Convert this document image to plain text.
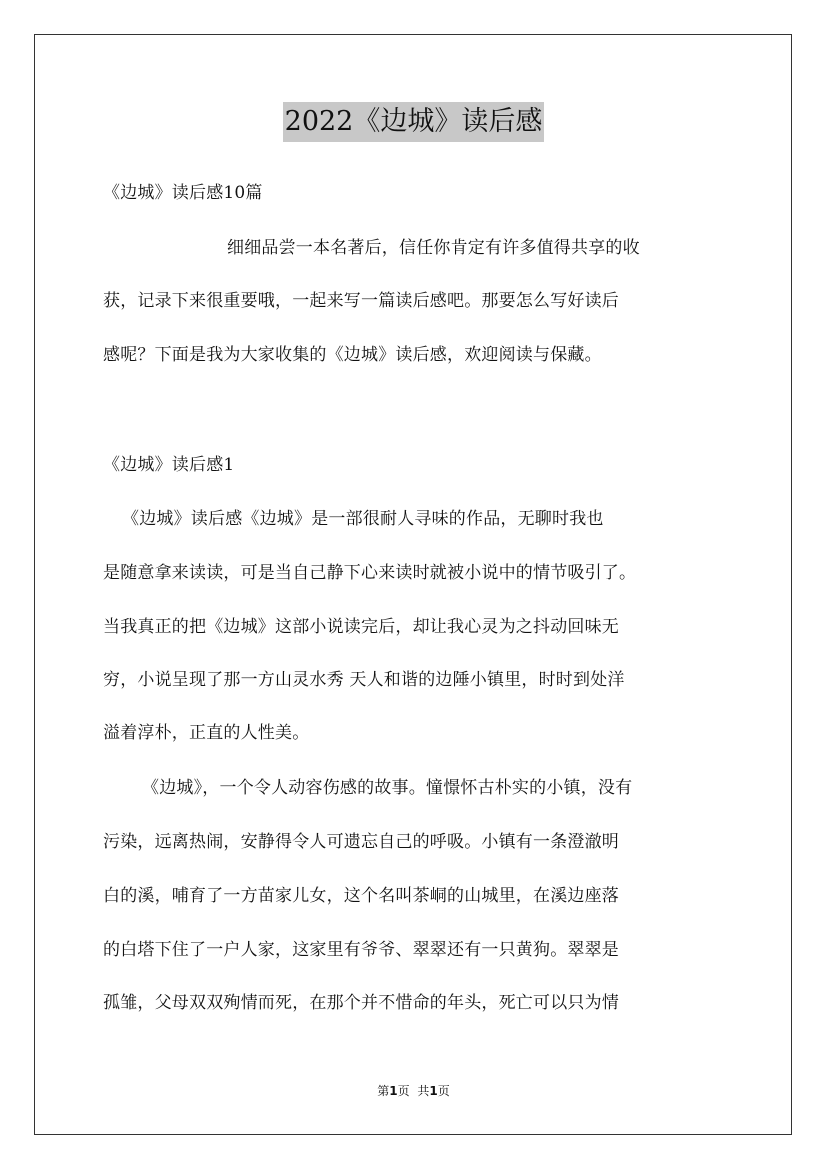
2022《边城》读后感
《边城》读后感10篇
细细品尝一本名著后，信任你肯定有许多值得共享的收
获，记录下来很重要哦，一起来写一篇读后感吧。那要怎么写好读后
感呢？下面是我为大家收集的《边城》读后感，欢迎阅读与保藏。
《边城》读后感1
《边城》读后感《边城》是一部很耐人寻味的作品，无聊时我也
是随意拿来读读，可是当自己静下心来读时就被小说中的情节吸引了。
当我真正的把《边城》这部小说读完后，却让我心灵为之抖动回味无
穷，小说呈现了那一方山灵水秀 天人和谐的边陲小镇里，时时到处洋
溢着淳朴，正直的人性美。
《边城》，一个令人动容伤感的故事。憧憬怀古朴实的小镇，没有
污染，远离热闹，安静得令人可遗忘自己的呼吸。小镇有一条澄澈明
白的溪，哺育了一方苗家儿女，这个名叫茶峒的山城里，在溪边座落
的白塔下住了一户人家，这家里有爷爷、翠翠还有一只黄狗。翠翠是
孤雏，父母双双殉情而死，在那个并不惜命的年头，死亡可以只为情
第1页 共1页
